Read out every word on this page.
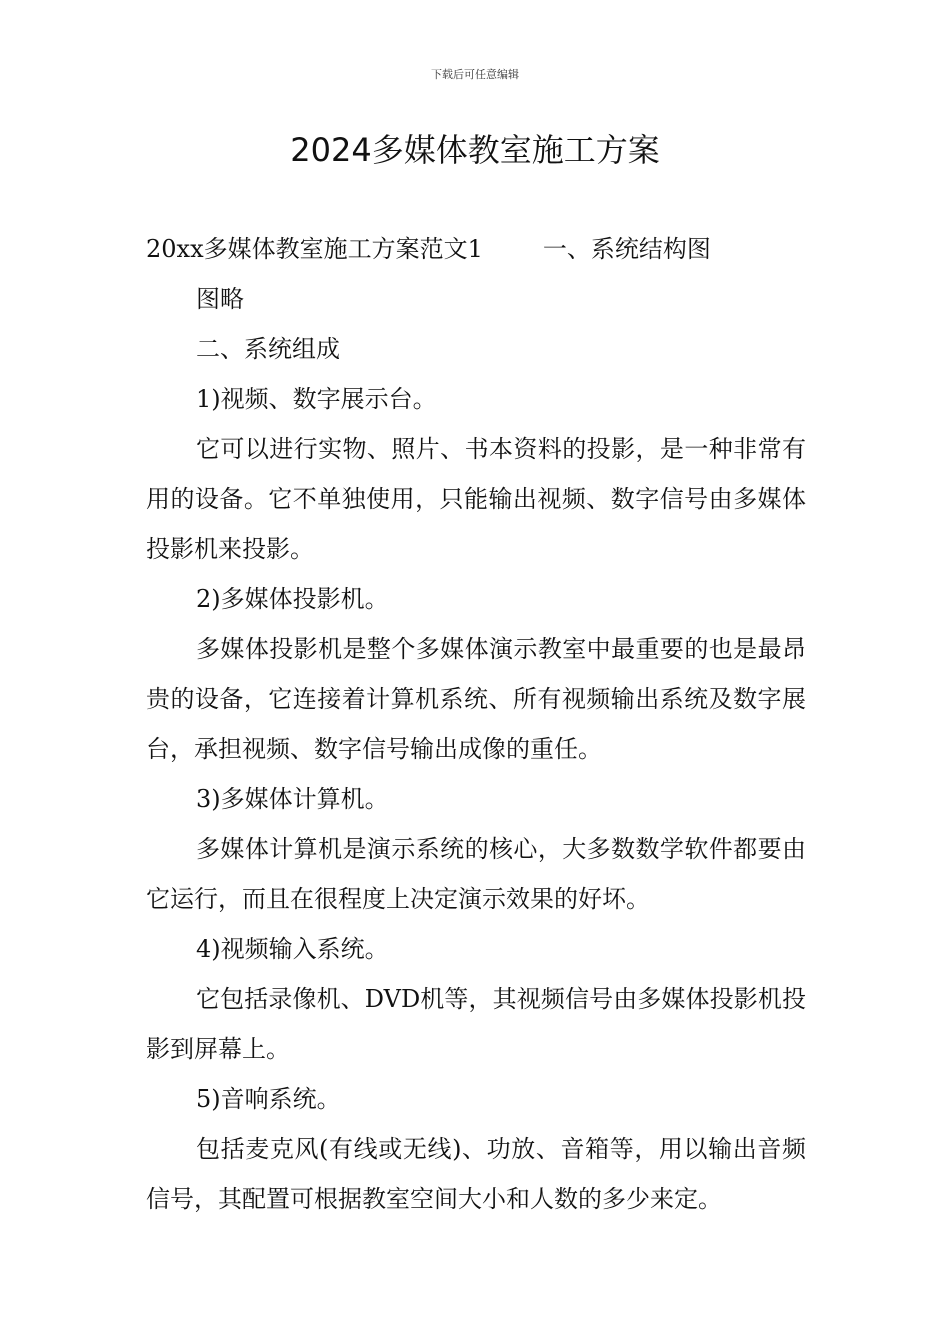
下载后可任意编辑
2024多媒体教室施工方案

20xx多媒体教室施工方案范文1	一、系统结构图

图略

二、系统组成

1)视频、数字展示台。

它可以进行实物、照片、书本资料的投影，是一种非常有用的设备。它不单独使用，只能输出视频、数字信号由多媒体投影机来投影。

2)多媒体投影机。

多媒体投影机是整个多媒体演示教室中最重要的也是最昂贵的设备，它连接着计算机系统、所有视频输出系统及数字展台，承担视频、数字信号输出成像的重任。

3)多媒体计算机。

多媒体计算机是演示系统的核心，大多数数学软件都要由它运行，而且在很程度上决定演示效果的好坏。

4)视频输入系统。

它包括录像机、DVD机等，其视频信号由多媒体投影机投影到屏幕上。

5)音响系统。

包括麦克风(有线或无线)、功放、音箱等，用以输出音频信号，其配置可根据教室空间大小和人数的多少来定。
